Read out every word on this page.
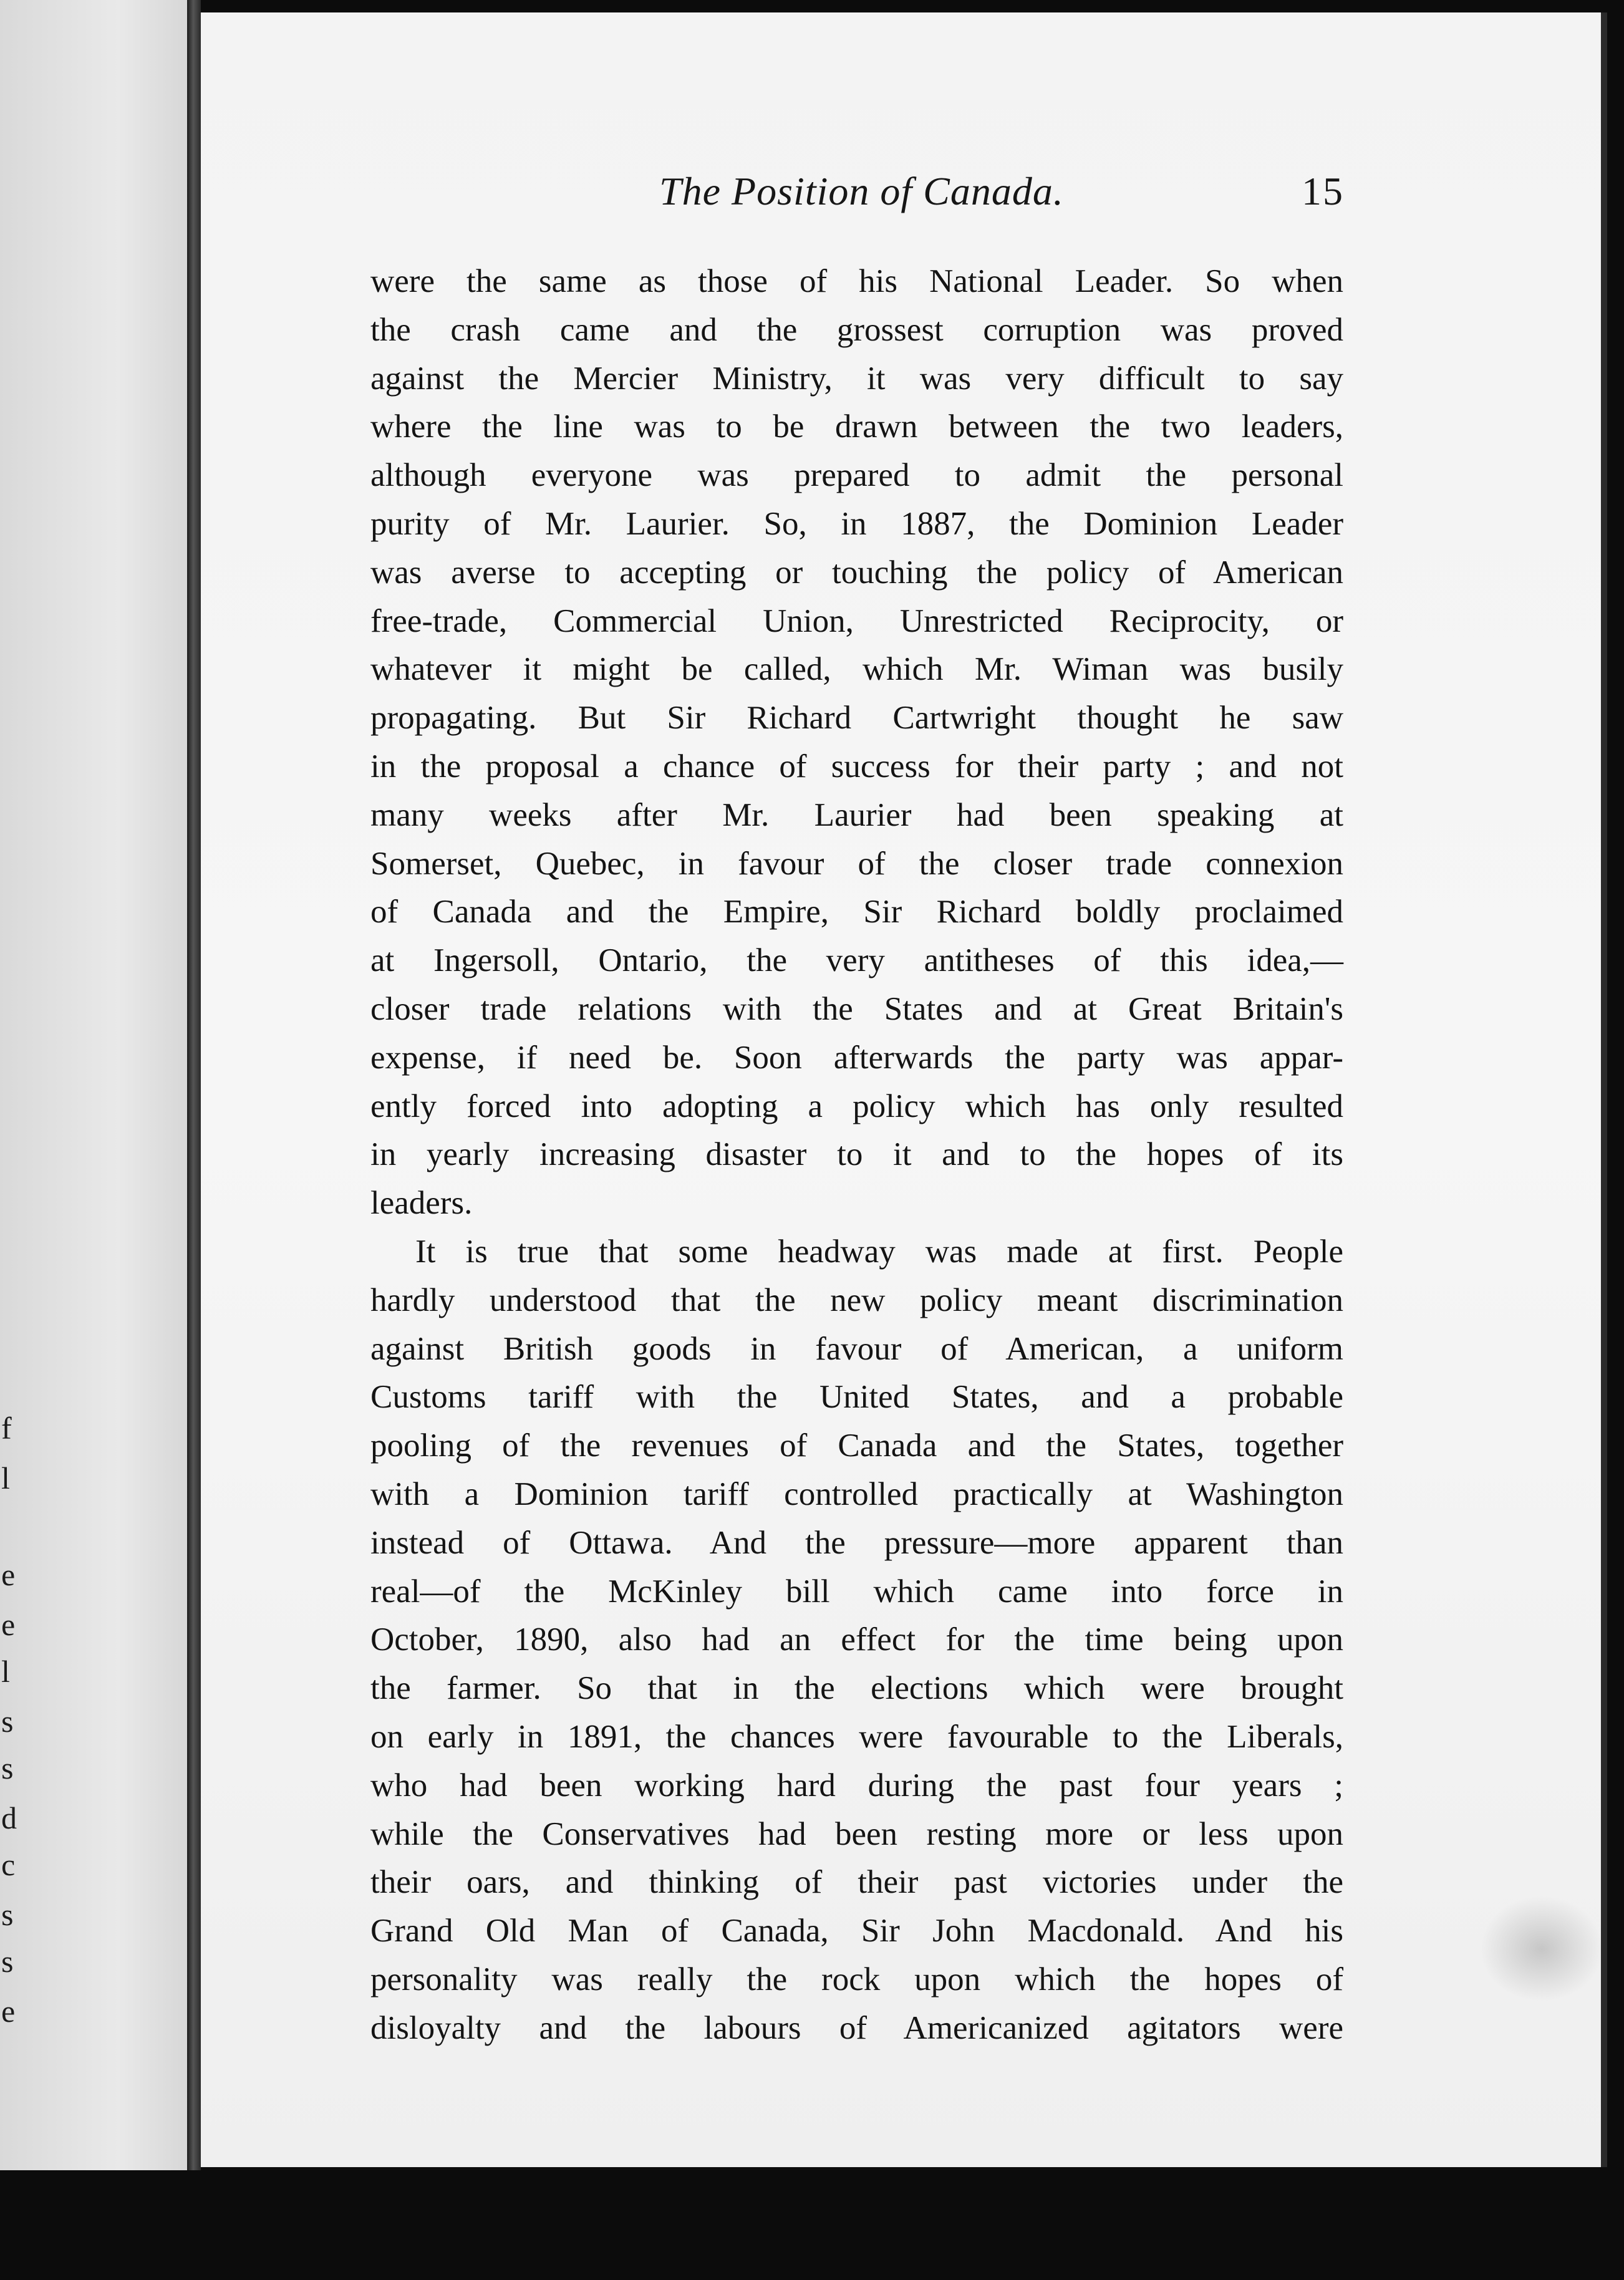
f
l
e
e
l
s
s
d
c
s
s
e
The Position of Canada.	15
were the same as those of his National Leader. So when
the crash came and the grossest corruption was proved
against the Mercier Ministry, it was very difficult to say
where the line was to be drawn between the two leaders,
although everyone was prepared to admit the personal
purity of Mr. Laurier. So, in 1887, the Dominion Leader
was averse to accepting or touching the policy of American
free-trade, Commercial Union, Unrestricted Reciprocity, or
whatever it might be called, which Mr. Wiman was busily
propagating. But Sir Richard Cartwright thought he saw
in the proposal a chance of success for their party ; and not
many weeks after Mr. Laurier had been speaking at
Somerset, Quebec, in favour of the closer trade connexion
of Canada and the Empire, Sir Richard boldly proclaimed
at Ingersoll, Ontario, the very antitheses of this idea,—
closer trade relations with the States and at Great Britain's
expense, if need be. Soon afterwards the party was appar-
ently forced into adopting a policy which has only resulted
in yearly increasing disaster to it and to the hopes of its
leaders.
It is true that some headway was made at first. People
hardly understood that the new policy meant discrimination
against British goods in favour of American, a uniform
Customs tariff with the United States, and a probable
pooling of the revenues of Canada and the States, together
with a Dominion tariff controlled practically at Washington
instead of Ottawa. And the pressure—more apparent than
real—of the McKinley bill which came into force in
October, 1890, also had an effect for the time being upon
the farmer. So that in the elections which were brought
on early in 1891, the chances were favourable to the Liberals,
who had been working hard during the past four years ;
while the Conservatives had been resting more or less upon
their oars, and thinking of their past victories under the
Grand Old Man of Canada, Sir John Macdonald. And his
personality was really the rock upon which the hopes of
disloyalty and the labours of Americanized agitators were
